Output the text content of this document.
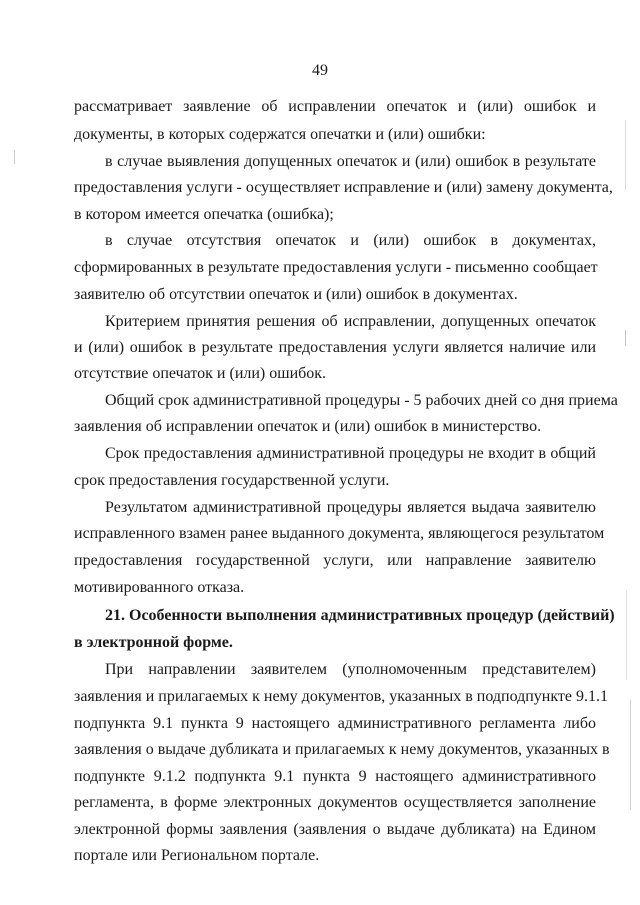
49
рассматривает заявление об исправлении опечаток и (или) ошибок и
документы, в которых содержатся опечатки и (или) ошибки:
в случае выявления допущенных опечаток и (или) ошибок в результате
предоставления услуги - осуществляет исправление и (или) замену документа,
в котором имеется опечатка (ошибка);
в случае отсутствия опечаток и (или) ошибок в документах,
сформированных в результате предоставления услуги - письменно сообщает
заявителю об отсутствии опечаток и (или) ошибок в документах.
Критерием принятия решения об исправлении, допущенных опечаток
и (или) ошибок в результате предоставления услуги является наличие или
отсутствие опечаток и (или) ошибок.
Общий срок административной процедуры - 5 рабочих дней со дня приема
заявления об исправлении опечаток и (или) ошибок в министерство.
Срок предоставления административной процедуры не входит в общий
срок предоставления государственной услуги.
Результатом административной процедуры является выдача заявителю
исправленного взамен ранее выданного документа, являющегося результатом
предоставления государственной услуги, или направление заявителю
мотивированного отказа.
21. Особенности выполнения административных процедур (действий)
в электронной форме.
При направлении заявителем (уполномоченным представителем)
заявления и прилагаемых к нему документов, указанных в подподпункте 9.1.1
подпункта 9.1 пункта 9 настоящего административного регламента либо
заявления о выдаче дубликата и прилагаемых к нему документов, указанных в
подпункте 9.1.2 подпункта 9.1 пункта 9 настоящего административного
регламента, в форме электронных документов осуществляется заполнение
электронной формы заявления (заявления о выдаче дубликата) на Едином
портале или Региональном портале.
